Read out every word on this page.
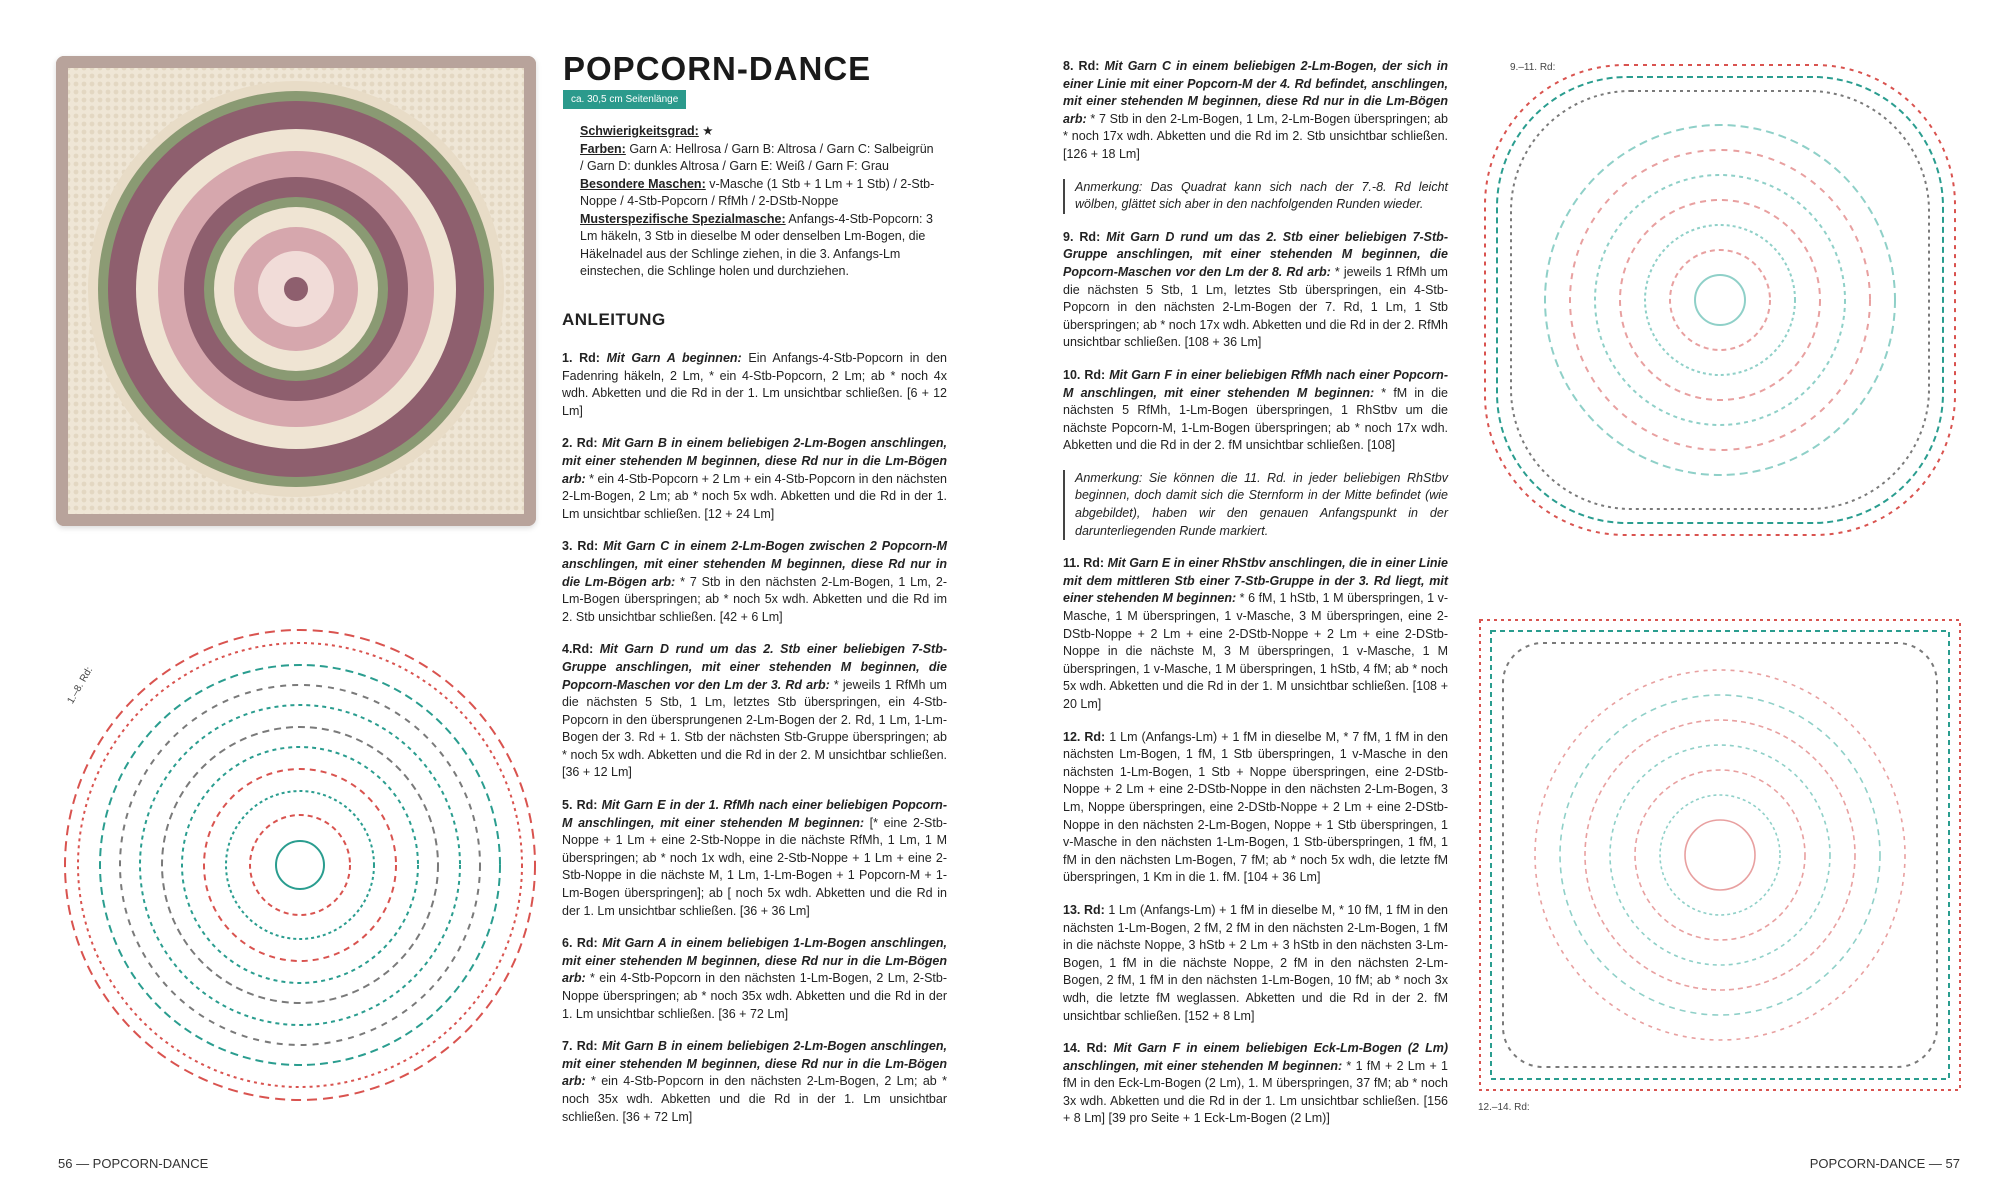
POPCORN-DANCE
ca. 30,5 cm Seitenlänge

Schwierigkeitsgrad: ★

Farben: Garn A: Hellrosa / Garn B: Altrosa / Garn C: Salbeigrün / Garn D: dunkles Altrosa / Garn E: Weiß / Garn F: Grau

Besondere Maschen: v-Masche (1 Stb + 1 Lm + 1 Stb) / 2-Stb-Noppe / 4-Stb-Popcorn / RfMh / 2-DStb-Noppe

Musterspezifische Spezialmasche: Anfangs-4-Stb-Popcorn: 3 Lm häkeln, 3 Stb in dieselbe M oder denselben Lm-Bogen, die Häkelnadel aus der Schlinge ziehen, in die 3. Anfangs-Lm einstechen, die Schlinge holen und durchziehen.

ANLEITUNG

1. Rd: Mit Garn A beginnen: Ein Anfangs-4-Stb-Popcorn in den Fadenring häkeln, 2 Lm, * ein 4-Stb-Popcorn, 2 Lm; ab * noch 4x wdh. Abketten und die Rd in der 1. Lm unsichtbar schließen. [6 + 12 Lm]

2. Rd: Mit Garn B in einem beliebigen 2-Lm-Bogen anschlingen, mit einer stehenden M beginnen, diese Rd nur in die Lm-Bögen arb: * ein 4-Stb-Popcorn + 2 Lm + ein 4-Stb-Popcorn in den nächsten 2-Lm-Bogen, 2 Lm; ab * noch 5x wdh. Abketten und die Rd in der 1. Lm unsichtbar schließen. [12 + 24 Lm]

3. Rd: Mit Garn C in einem 2-Lm-Bogen zwischen 2 Popcorn-M anschlingen, mit einer stehenden M beginnen, diese Rd nur in die Lm-Bögen arb: * 7 Stb in den nächsten 2-Lm-Bogen, 1 Lm, 2-Lm-Bogen überspringen; ab * noch 5x wdh. Abketten und die Rd im 2. Stb unsichtbar schließen. [42 + 6 Lm]

4.Rd: Mit Garn D rund um das 2. Stb einer beliebigen 7-Stb-Gruppe anschlingen, mit einer stehenden M beginnen, die Popcorn-Maschen vor den Lm der 3. Rd arb: * jeweils 1 RfMh um die nächsten 5 Stb, 1 Lm, letztes Stb überspringen, ein 4-Stb-Popcorn in den übersprungenen 2-Lm-Bogen der 2. Rd, 1 Lm, 1-Lm-Bogen der 3. Rd + 1. Stb der nächsten Stb-Gruppe überspringen; ab * noch 5x wdh. Abketten und die Rd in der 2. M unsichtbar schließen. [36 + 12 Lm]

5. Rd: Mit Garn E in der 1. RfMh nach einer beliebigen Popcorn-M anschlingen, mit einer stehenden M beginnen: [* eine 2-Stb-Noppe + 1 Lm + eine 2-Stb-Noppe in die nächste RfMh, 1 Lm, 1 M überspringen; ab * noch 1x wdh, eine 2-Stb-Noppe + 1 Lm + eine 2-Stb-Noppe in die nächste M, 1 Lm, 1-Lm-Bogen + 1 Popcorn-M + 1-Lm-Bogen überspringen]; ab [ noch 5x wdh. Abketten und die Rd in der 1. Lm unsichtbar schließen. [36 + 36 Lm]

6. Rd: Mit Garn A in einem beliebigen 1-Lm-Bogen anschlingen, mit einer stehenden M beginnen, diese Rd nur in die Lm-Bögen arb: * ein 4-Stb-Popcorn in den nächsten 1-Lm-Bogen, 2 Lm, 2-Stb-Noppe überspringen; ab * noch 35x wdh. Abketten und die Rd in der 1. Lm unsichtbar schließen. [36 + 72 Lm]

7. Rd: Mit Garn B in einem beliebigen 2-Lm-Bogen anschlingen, mit einer stehenden M beginnen, diese Rd nur in die Lm-Bögen arb: * ein 4-Stb-Popcorn in den nächsten 2-Lm-Bogen, 2 Lm; ab * noch 35x wdh. Abketten und die Rd in der 1. Lm unsichtbar schließen. [36 + 72 Lm]

1.–8. Rd:
56 — POPCORN-DANCE

8. Rd: Mit Garn C in einem beliebigen 2-Lm-Bogen, der sich in einer Linie mit einer Popcorn-M der 4. Rd befindet, anschlingen, mit einer stehenden M beginnen, diese Rd nur in die Lm-Bögen arb: * 7 Stb in den 2-Lm-Bogen, 1 Lm, 2-Lm-Bogen überspringen; ab * noch 17x wdh. Abketten und die Rd im 2. Stb unsichtbar schließen. [126 + 18 Lm]

Anmerkung: Das Quadrat kann sich nach der 7.-8. Rd leicht wölben, glättet sich aber in den nachfolgenden Runden wieder.

9. Rd: Mit Garn D rund um das 2. Stb einer beliebigen 7-Stb-Gruppe anschlingen, mit einer stehenden M beginnen, die Popcorn-Maschen vor den Lm der 8. Rd arb: * jeweils 1 RfMh um die nächsten 5 Stb, 1 Lm, letztes Stb überspringen, ein 4-Stb-Popcorn in den nächsten 2-Lm-Bogen der 7. Rd, 1 Lm, 1 Stb überspringen; ab * noch 17x wdh. Abketten und die Rd in der 2. RfMh unsichtbar schließen. [108 + 36 Lm]

10. Rd: Mit Garn F in einer beliebigen RfMh nach einer Popcorn-M anschlingen, mit einer stehenden M beginnen: * fM in die nächsten 5 RfMh, 1-Lm-Bogen überspringen, 1 RhStbv um die nächste Popcorn-M, 1-Lm-Bogen überspringen; ab * noch 17x wdh. Abketten und die Rd in der 2. fM unsichtbar schließen. [108]

Anmerkung: Sie können die 11. Rd. in jeder beliebigen RhStbv beginnen, doch damit sich die Sternform in der Mitte befindet (wie abgebildet), haben wir den genauen Anfangspunkt in der darunterliegenden Runde markiert.

11. Rd: Mit Garn E in einer RhStbv anschlingen, die in einer Linie mit dem mittleren Stb einer 7-Stb-Gruppe in der 3. Rd liegt, mit einer stehenden M beginnen: * 6 fM, 1 hStb, 1 M überspringen, 1 v-Masche, 1 M überspringen, 1 v-Masche, 3 M überspringen, eine 2-DStb-Noppe + 2 Lm + eine 2-DStb-Noppe + 2 Lm + eine 2-DStb-Noppe in die nächste M, 3 M überspringen, 1 v-Masche, 1 M überspringen, 1 v-Masche, 1 M überspringen, 1 hStb, 4 fM; ab * noch 5x wdh. Abketten und die Rd in der 1. M unsichtbar schließen. [108 + 20 Lm]

12. Rd: 1 Lm (Anfangs-Lm) + 1 fM in dieselbe M, * 7 fM, 1 fM in den nächsten Lm-Bogen, 1 fM, 1 Stb überspringen, 1 v-Masche in den nächsten 1-Lm-Bogen, 1 Stb + Noppe überspringen, eine 2-DStb-Noppe + 2 Lm + eine 2-DStb-Noppe in den nächsten 2-Lm-Bogen, 3 Lm, Noppe überspringen, eine 2-DStb-Noppe + 2 Lm + eine 2-DStb-Noppe in den nächsten 2-Lm-Bogen, Noppe + 1 Stb überspringen, 1 v-Masche in den nächsten 1-Lm-Bogen, 1 Stb-überspringen, 1 fM, 1 fM in den nächsten Lm-Bogen, 7 fM; ab * noch 5x wdh, die letzte fM überspringen, 1 Km in die 1. fM. [104 + 36 Lm]

13. Rd: 1 Lm (Anfangs-Lm) + 1 fM in dieselbe M, * 10 fM, 1 fM in den nächsten 1-Lm-Bogen, 2 fM, 2 fM in den nächsten 2-Lm-Bogen, 1 fM in die nächste Noppe, 3 hStb + 2 Lm + 3 hStb in den nächsten 3-Lm-Bogen, 1 fM in die nächste Noppe, 2 fM in den nächsten 2-Lm-Bogen, 2 fM, 1 fM in den nächsten 1-Lm-Bogen, 10 fM; ab * noch 3x wdh, die letzte fM weglassen. Abketten und die Rd in der 2. fM unsichtbar schließen. [152 + 8 Lm]

14. Rd: Mit Garn F in einem beliebigen Eck-Lm-Bogen (2 Lm) anschlingen, mit einer stehenden M beginnen: * 1 fM + 2 Lm + 1 fM in den Eck-Lm-Bogen (2 Lm), 1. M überspringen, 37 fM; ab * noch 3x wdh. Abketten und die Rd in der 1. Lm unsichtbar schließen. [156 + 8 Lm] [39 pro Seite + 1 Eck-Lm-Bogen (2 Lm)]

9.–11. Rd:
12.–14. Rd:
POPCORN-DANCE — 57
